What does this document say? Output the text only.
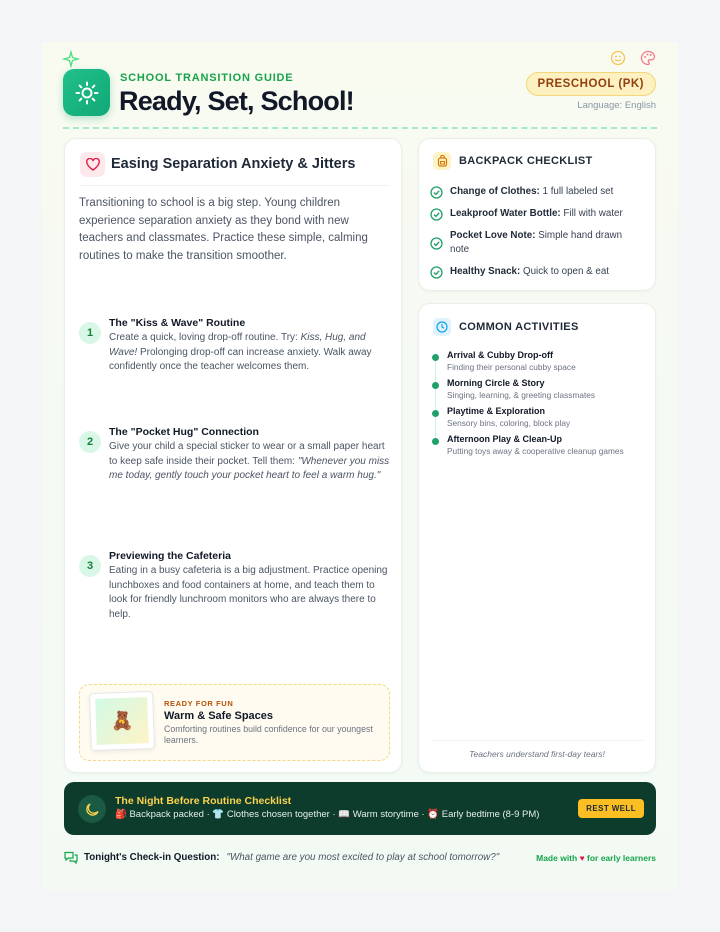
SCHOOL TRANSITION GUIDE
Ready, Set, School!
PRESCHOOL (PK)
Language: English
Easing Separation Anxiety & Jitters

Transitioning to school is a big step. Young children experience separation anxiety as they bond with new teachers and classmates. Practice these simple, calming routines to make the transition smoother.

1
The "Kiss & Wave" Routine

Create a quick, loving drop-off routine. Try: Kiss, Hug, and Wave! Prolonging drop-off can increase anxiety. Walk away confidently once the teacher welcomes them.

2
The "Pocket Hug" Connection

Give your child a special sticker to wear or a small paper heart to keep safe inside their pocket. Tell them: "Whenever you miss me today, gently touch your pocket heart to feel a warm hug."

3
Previewing the Cafeteria

Eating in a busy cafeteria is a big adjustment. Practice opening lunchboxes and food containers at home, and teach them to look for friendly lunchroom monitors who are always there to help.

🧸
READY FOR FUN
Warm & Safe Spaces
Comforting routines build confidence for our youngest learners.
BACKPACK CHECKLIST
Change of Clothes: 1 full labeled set
Leakproof Water Bottle: Fill with water
Pocket Love Note: Simple hand drawn note
Healthy Snack: Quick to open & eat
COMMON ACTIVITIES
Arrival & Cubby Drop-off
Finding their personal cubby space
Morning Circle & Story
Singing, learning, & greeting classmates
Playtime & Exploration
Sensory bins, coloring, block play
Afternoon Play & Clean-Up
Putting toys away & cooperative cleanup games
Teachers understand first-day tears!
The Night Before Routine Checklist
🎒 Backpack packed · 👕 Clothes chosen together · 📖 Warm storytime · ⏰ Early bedtime (8-9 PM)
REST WELL
Tonight's Check-in Question: "What game are you most excited to play at school tomorrow?"	Made with ♥ for early learners
